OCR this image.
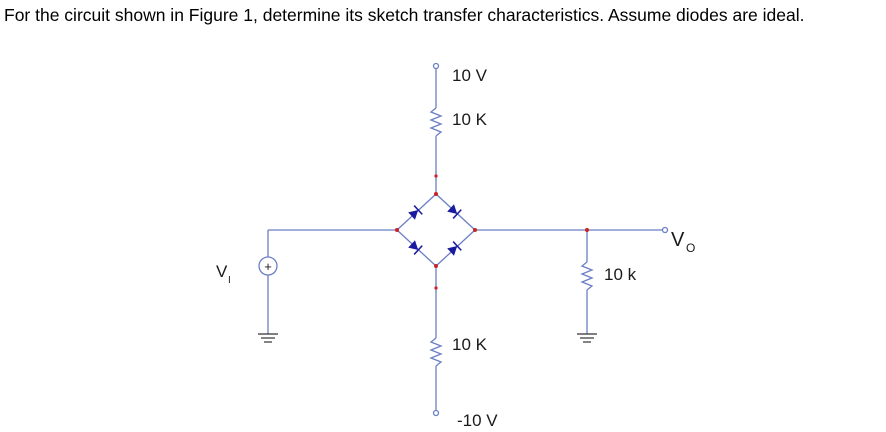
For the circuit shown in Figure 1, determine its sketch transfer characteristics. Assume diodes are ideal.

+
10 V
10 K
10 K
-10 V
10 k
V I
V O
